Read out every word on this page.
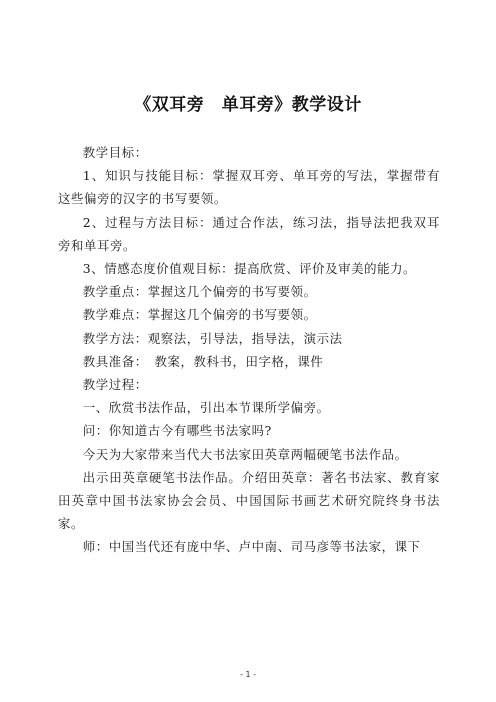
《双耳旁　单耳旁》教学设计

教学目标：

1、知识与技能目标：掌握双耳旁、单耳旁的写法，掌握带有这些偏旁的汉字的书写要领。

2、过程与方法目标：通过合作法，练习法，指导法把我双耳旁和单耳旁。

3、情感态度价值观目标：提高欣赏、评价及审美的能力。

教学重点：掌握这几个偏旁的书写要领。

教学难点：掌握这几个偏旁的书写要领。

教学方法：观察法，引导法，指导法，演示法

教具准备：　教案，教科书，田字格，课件

教学过程：

一、欣赏书法作品，引出本节课所学偏旁。

问：你知道古今有哪些书法家吗?

今天为大家带来当代大书法家田英章两幅硬笔书法作品。

出示田英章硬笔书法作品。介绍田英章：著名书法家、教育家田英章中国书法家协会会员、中国国际书画艺术研究院终身书法家。

师：中国当代还有庞中华、卢中南、司马彦等书法家，课下

- 1 -
